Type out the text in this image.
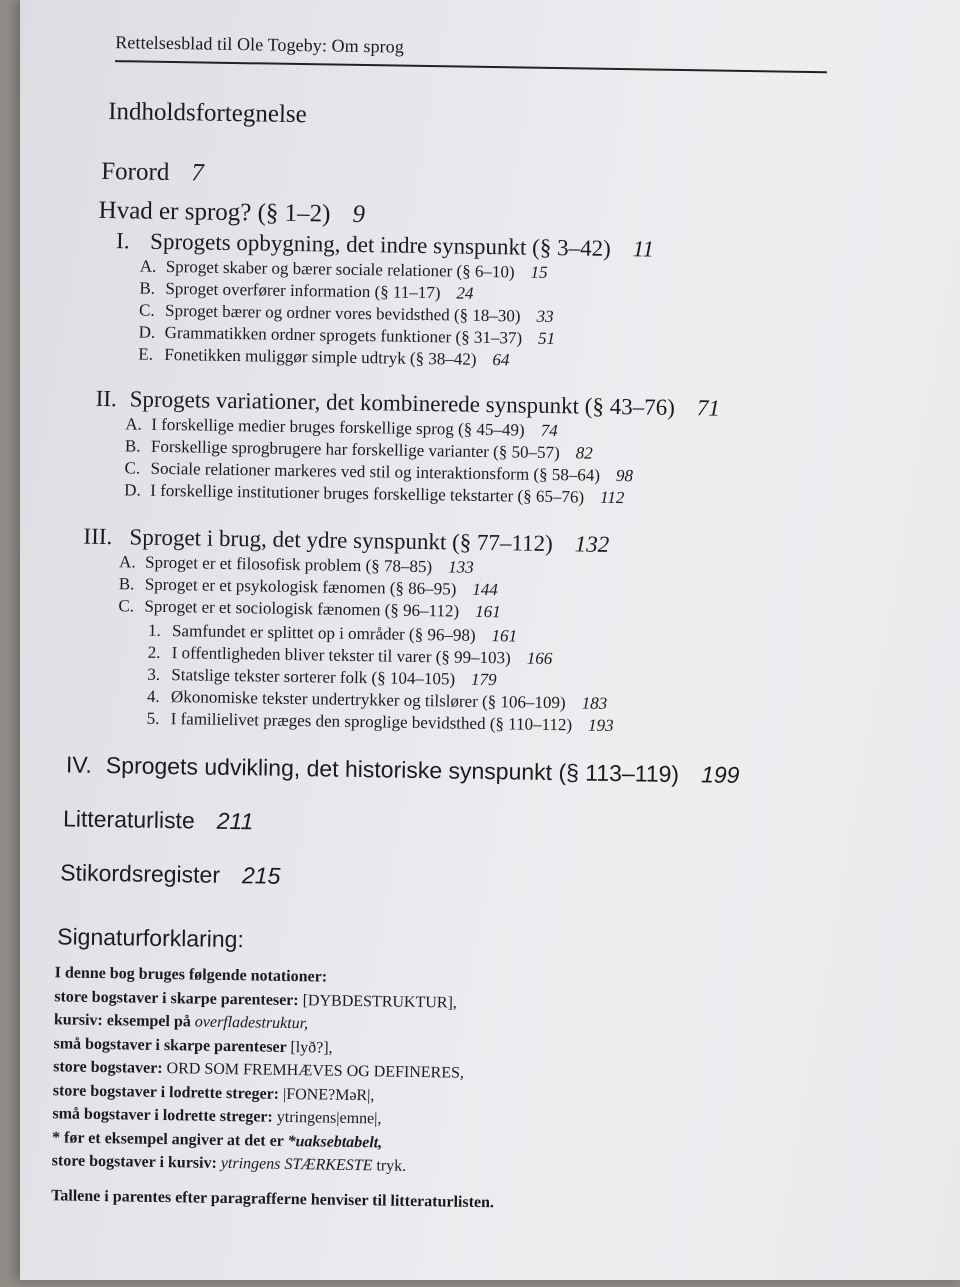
Rettelsesblad til Ole Togeby: Om sprog
Indholdsfortegnelse
Forord 7
Hvad er sprog? (§ 1–2) 9
I. Sprogets opbygning, det indre synspunkt (§ 3–42) 11
A. Sproget skaber og bærer sociale relationer (§ 6–10) 15
B. Sproget overfører information (§ 11–17) 24
C. Sproget bærer og ordner vores bevidsthed (§ 18–30) 33
D. Grammatikken ordner sprogets funktioner (§ 31–37) 51
E. Fonetikken muliggør simple udtryk (§ 38–42) 64
II. Sprogets variationer, det kombinerede synspunkt (§ 43–76) 71
A. I forskellige medier bruges forskellige sprog (§ 45–49) 74
B. Forskellige sprogbrugere har forskellige varianter (§ 50–57) 82
C. Sociale relationer markeres ved stil og interaktionsform (§ 58–64) 98
D. I forskellige institutioner bruges forskellige tekstarter (§ 65–76) 112
III. Sproget i brug, det ydre synspunkt (§ 77–112) 132
A. Sproget er et filosofisk problem (§ 78–85) 133
B. Sproget er et psykologisk fænomen (§ 86–95) 144
C. Sproget er et sociologisk fænomen (§ 96–112) 161
1. Samfundet er splittet op i områder (§ 96–98) 161
2. I offentligheden bliver tekster til varer (§ 99–103) 166
3. Statslige tekster sorterer folk (§ 104–105) 179
4. Økonomiske tekster undertrykker og tilslører (§ 106–109) 183
5. I familielivet præges den sproglige bevidsthed (§ 110–112) 193
IV. Sprogets udvikling, det historiske synspunkt (§ 113–119) 199
Litteraturliste 211
Stikordsregister 215
Signaturforklaring:
I denne bog bruges følgende notationer:
store bogstaver i skarpe parenteser: [DYBDESTRUKTUR],
kursiv: eksempel på overfladestruktur,
små bogstaver i skarpe parenteser [lyð?],
store bogstaver: ORD SOM FREMHÆVES OG DEFINERES,
store bogstaver i lodrette streger: |FONE?MəR|,
små bogstaver i lodrette streger: ytringens|emne|,
* før et eksempel angiver at det er *uaksebtabelt,
store bogstaver i kursiv: ytringens STÆRKESTE tryk.
Tallene i parentes efter paragrafferne henviser til litteraturlisten.
